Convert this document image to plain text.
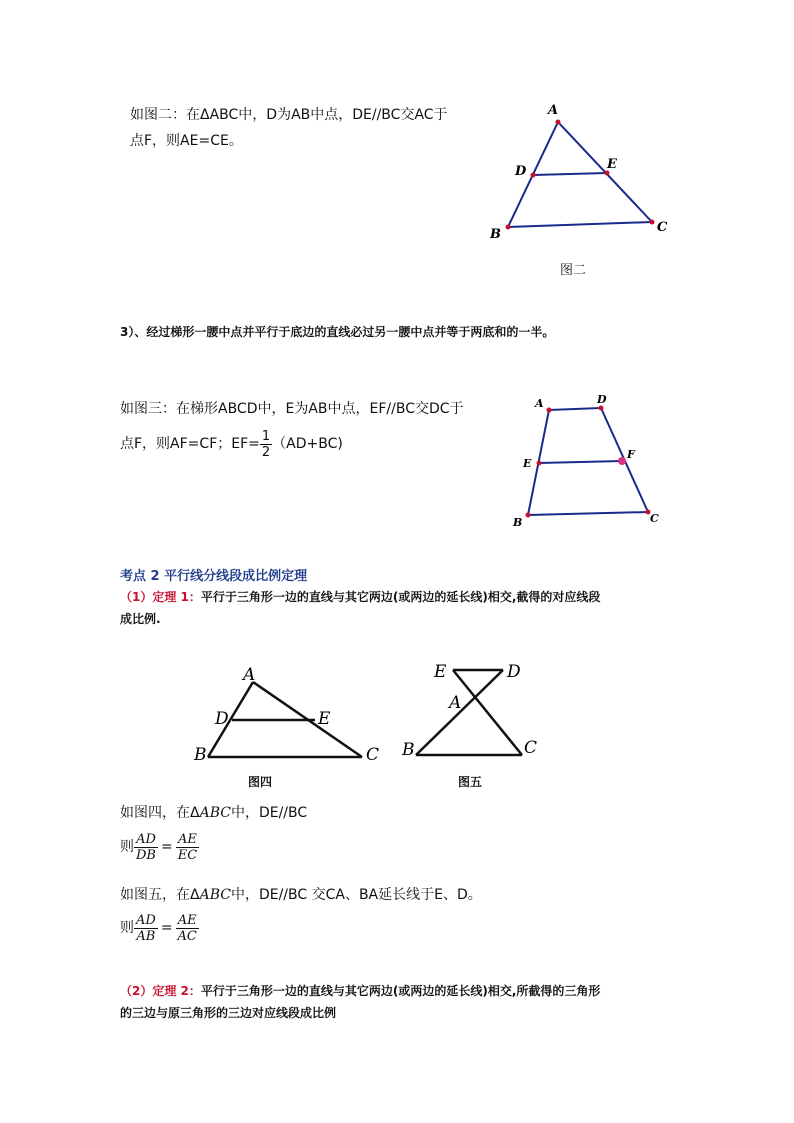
如图二：在ΔABC中，D为AB中点，DE//BC交AC于
点F，则AE=CE。
A
D	E
B	C
图二
3）、经过梯形一腰中点并平行于底边的直线必过另一腰中点并等于两底和的一半。
如图三：在梯形ABCD中，E为AB中点，EF//BC交DC于
点F，则AF=CF；$EF= \frac{1}{2} (AD+BC)$
A	D
E
F
B	C
考点 2 平行线分线段成比例定理
（1）定理 1：平行于三角形一边的直线与其它两边(或两边的延长线)相交,截得的对应线段
成比例.
A
D	E
B	C
图四
E	D
A
B	C
图五
如图四，在ΔABC中，DE//BC
则 $\frac{AD}{DB} = \frac{AE}{EC}$
如图五，在ΔABC中，DE//BC 交CA、BA延长线于E、D。
则 $\frac{AD}{AB} = \frac{AE}{AC}$
（2）定理 2：平行于三角形一边的直线与其它两边(或两边的延长线)相交,所截得的三角形
的三边与原三角形的三边对应线段成比例
